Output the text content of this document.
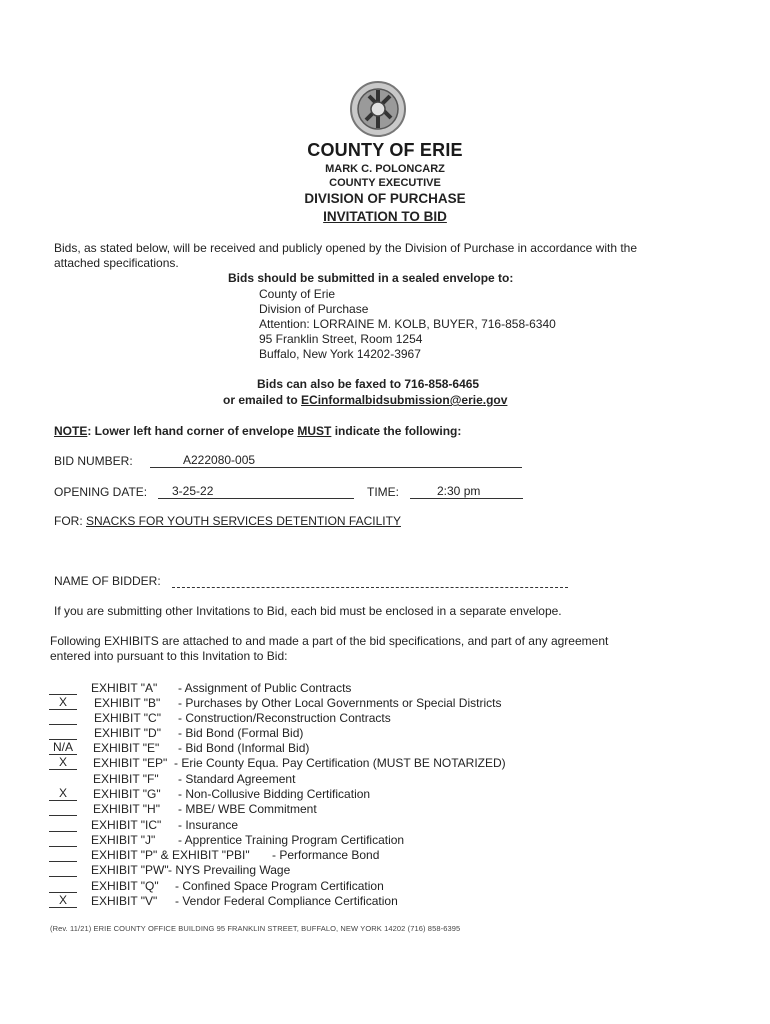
COUNTY OF ERIE
MARK C. POLONCARZ
COUNTY EXECUTIVE
DIVISION OF PURCHASE
INVITATION TO BID
Bids, as stated below, will be received and publicly opened by the Division of Purchase in accordance with the
attached specifications.
Bids should be submitted in a sealed envelope to:
County of Erie
Division of Purchase
Attention: LORRAINE M. KOLB, BUYER, 716-858-6340
95 Franklin Street, Room 1254
Buffalo, New York 14202-3967
Bids can also be faxed to 716-858-6465
or emailed to ECinformalbidsubmission@erie.gov
NOTE: Lower left hand corner of envelope MUST indicate the following:
BID NUMBER:	A222080-005
OPENING DATE: 3-25-22	TIME:	2:30 pm
FOR: SNACKS FOR YOUTH SERVICES DETENTION FACILITY
NAME OF BIDDER:
If you are submitting other Invitations to Bid, each bid must be enclosed in a separate envelope.
Following EXHIBITS are attached to and made a part of the bid specifications, and part of any agreement
entered into pursuant to this Invitation to Bid:
EXHIBIT "A" - Assignment of Public Contracts
X	EXHIBIT "B" - Purchases by Other Local Governments or Special Districts
EXHIBIT "C" - Construction/Reconstruction Contracts
EXHIBIT "D" - Bid Bond (Formal Bid)
N/A	EXHIBIT "E" - Bid Bond (Informal Bid)
X	EXHIBIT "EP" - Erie County Equa. Pay Certification (MUST BE NOTARIZED)
EXHIBIT "F" - Standard Agreement
X	EXHIBIT "G" - Non-Collusive Bidding Certification
EXHIBIT "H" - MBE/ WBE Commitment
EXHIBIT "IC" - Insurance
EXHIBIT "J" - Apprentice Training Program Certification
EXHIBIT "P" & EXHIBIT "PBI" - Performance Bond
EXHIBIT "PW" - NYS Prevailing Wage
EXHIBIT "Q" - Confined Space Program Certification
X	EXHIBIT "V" - Vendor Federal Compliance Certification
(Rev. 11/21) ERIE COUNTY OFFICE BUILDING 95 FRANKLIN STREET, BUFFALO, NEW YORK 14202 (716) 858-6395
